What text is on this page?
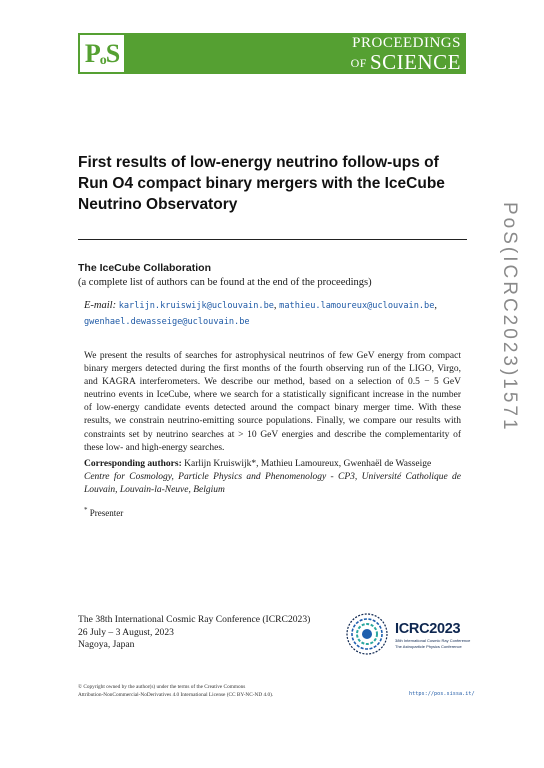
PoS	PROCEEDINGS
OF SCIENCE
PoS(ICRC2023)1571
First results of low-energy neutrino follow-ups of Run O4 compact binary mergers with the IceCube Neutrino Observatory
The IceCube Collaboration
(a complete list of authors can be found at the end of the proceedings)
E-mail: karlijn.kruiswijk@uclouvain.be, mathieu.lamoureux@uclouvain.be,
gwenhael.dewasseige@uclouvain.be

We present the results of searches for astrophysical neutrinos of few GeV energy from compact binary mergers detected during the first months of the fourth observing run of the LIGO, Virgo, and KAGRA interferometers. We describe our method, based on a selection of 0.5 − 5 GeV neutrino events in IceCube, where we search for a statistically significant increase in the number of low-energy candidate events detected around the compact binary merger time. With these results, we constrain neutrino-emitting source populations. Finally, we compare our results with constraints set by neutrino searches at > 10 GeV energies and describe the complementarity of these low- and high-energy searches.

Corresponding authors: Karlijn Kruiswijk*, Mathieu Lamoureux, Gwenhaël de Wasseige
Centre for Cosmology, Particle Physics and Phenomenology - CP3, Université Catholique de Louvain, Louvain-la-Neuve, Belgium
* Presenter
The 38th International Cosmic Ray Conference (ICRC2023)
26 July – 3 August, 2023
Nagoya, Japan
ICRC2023
38th International Cosmic Ray Conference
The Astroparticle Physics Conference
© Copyright owned by the author(s) under the terms of the Creative Commons
Attribution-NonCommercial-NoDerivatives 4.0 International License (CC BY-NC-ND 4.0).	https://pos.sissa.it/
